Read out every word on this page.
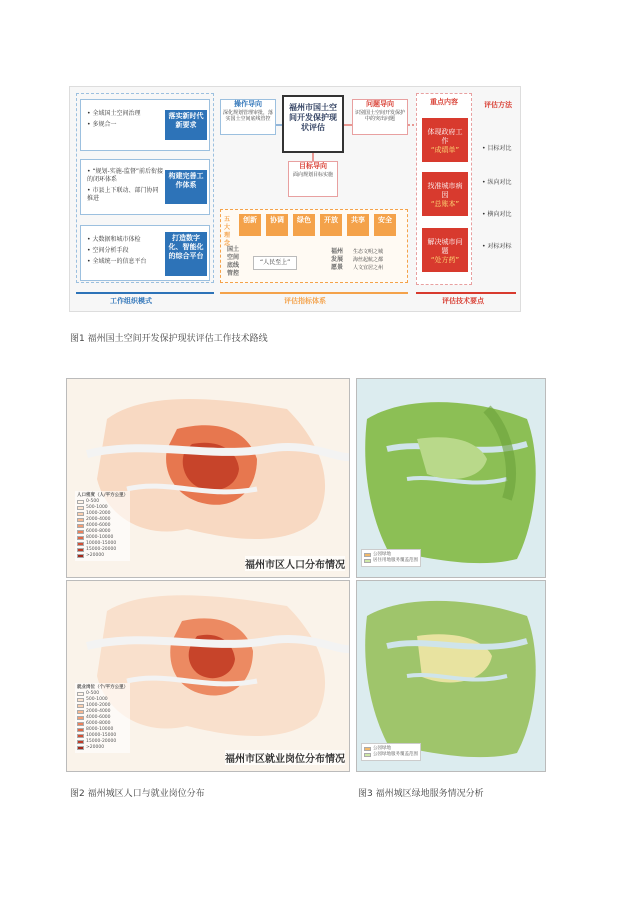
• 全域国土空间治理
• 多规合一
落实新时代新要求
• “规划-实施-监督”前后衔接的闭环体系
• 市县上下联动、部门协同推进
构建完善工作体系
• 大数据和城市体检
• 空间分析手段
• 全域统一的信息平台
打造数字化、智能化的综合平台
操作导向
深化规划管理审批，落实国土空间底线管控
福州市国土空间开发保护现状评估
问题导向
识别国土空间开发保护中的突出问题
目标导向
面向规划目标实施
五大理念
创新	协调	绿色	开放	共享	安全
国土
空间
底线
管控
“人民至上”
福州
发展
愿景
生态文明之城
海丝起航之都
人文宜居之州
重点内容
体现政府工作
“成绩单”
找准城市病因
“总账本”
解决城市问题
“处方药”
评估方法
• 目标对比
• 纵向对比
• 横向对比
• 对标对标
工作组织模式	评估指标体系	评估技术要点
图1 福州国土空间开发保护现状评估工作技术路线
人口密度（人/平方公里）
0-500
500-1000
1000-2000
2000-4000
4000-6000
6000-8000
8000-10000
10000-15000
15000-20000
>20000
福州市区人口分布情况
就业岗位（个/平方公里）
0-500
500-1000
1000-2000
2000-4000
4000-6000
6000-8000
8000-10000
10000-15000
15000-20000
>20000
福州市区就业岗位分布情况
图2 福州城区人口与就业岗位分布
公园绿地
居住用地服务覆盖范围
公园绿地
公园绿地服务覆盖范围
图3 福州城区绿地服务情况分析
